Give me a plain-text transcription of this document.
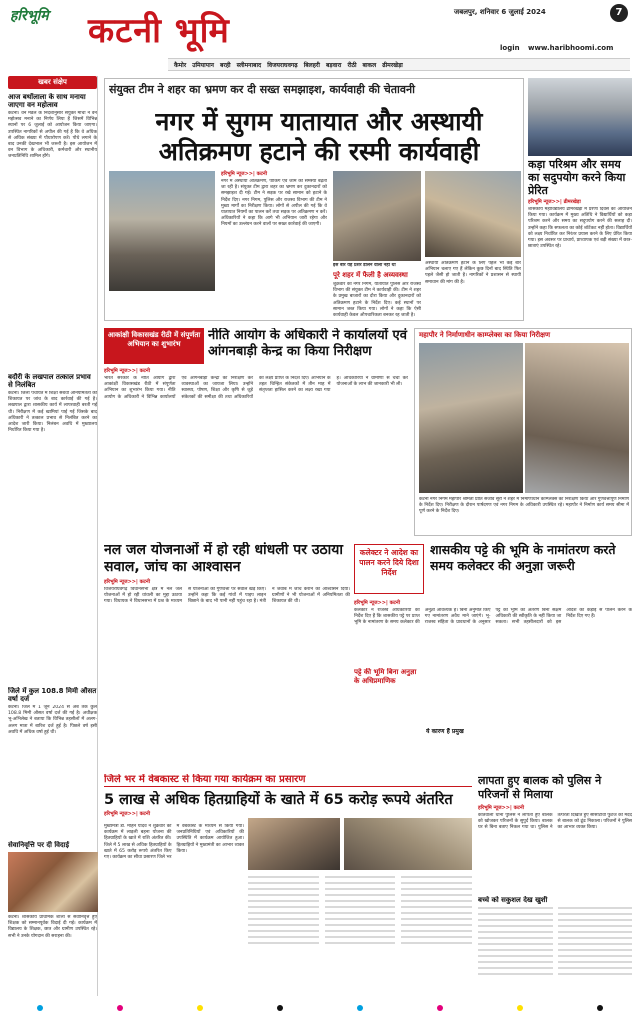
हरिभूमि कटनी भूमि	जबलपुर, शनिवार 6 जुलाई 2024	7
login www.haribhoomi.com
कैमोर उमियापान बरही स्लीमनाबाद विजयराघवगढ़ बिलहरी बड़वारा रीठी बाकल ढीमरखेड़ा
खबर संक्षेप
आज बर्थोलाला के साथ मनाया जाएगा वन महोत्सव
कटनी। वन मंडल के निर्देशानुसार संयुक्त मोर्चा ने वन महोत्सव मनाने का निर्णय लिया है जिसमें विभिन्न स्थानों पर 6 जुलाई को आयोजन किया जाएगा। उपस्थित नागरिकों से अपील की गई है कि वे अधिक से अधिक संख्या में पौधारोपण करें। पौधे लगाने के बाद उनकी देखभाल भी जरूरी है। इस आयोजन में वन विभाग के अधिकारी, कर्मचारी और स्थानीय जनप्रतिनिधि शामिल होंगे।
बदौरी के लखपाल तत्काल प्रभाव से निलंबित
कटनी। जिला पंचायत में शिक्षा संबंधी अनियमितता की शिकायत पर जांच के बाद कार्रवाई की गई है। लखपाल द्वारा शासकीय कार्य में लापरवाही बरती गई थी। निरीक्षण में कई खामियां पाई गईं जिसके बाद अधिकारी ने तत्काल प्रभाव से निलंबित करने का आदेश जारी किया। निलंबन अवधि में मुख्यालय निर्धारित किया गया है।
जिले में कुल 108.8 मिमी औसत वर्षा दर्ज
कटनी। जिले में 1 जून 2024 से अब तक कुल 108.8 मिमी औसत वर्षा दर्ज की गई है। अधीक्षक भू-अभिलेख ने बताया कि विभिन्न तहसीलों में अलग-अलग मात्रा में बारिश दर्ज हुई है। पिछले वर्ष इसी अवधि में अधिक वर्षा हुई थी।
सेवानिवृत्ति पर दी विदाई
कटनी। शासकीय प्राथमिक शाला से सेवानिवृत्त हुए शिक्षक को सम्मानपूर्वक विदाई दी गई। कार्यक्रम में विद्यालय के शिक्षक, छात्र और ग्रामीण उपस्थित रहे। सभी ने उनके योगदान की सराहना की।
संयुक्त टीम ने शहर का भ्रमण कर दी सख्त समझाइश, कार्यवाही की चेतावनी
नगर में सुगम यातायात और अस्थायी अतिक्रमण हटाने की रस्मी कार्यवाही
हरिभूमि न्यूज>>| कटनी
नगर में अस्थायी अतिक्रमण, पार्किंग एवं जाम की समस्या बढ़ती जा रही है। संयुक्त टीम द्वारा शहर का भ्रमण कर दुकानदारों को समझाइश दी गई। टीम ने सड़क पर रखे सामान को हटाने के निर्देश दिए। नगर निगम, पुलिस और राजस्व विभाग की टीम ने मुख्य मार्गों का निरीक्षण किया। लोगों से अपील की गई कि वे यातायात नियमों का पालन करें तथा सड़क पर अतिक्रमण न करें। अधिकारियों ने कहा कि आगे भी अभियान जारी रहेगा और नियमों का उल्लंघन करने वालों पर सख्त कार्रवाई की जाएगी।
इस बार यह प्रेशर डालने वाला नहीं था
पूरे शहर में फैली है अव्यवस्था
शुक्रवार को नगर निगम, यातायात पुलिस और राजस्व विभाग की संयुक्त टीम ने कार्यवाही की। टीम ने शहर के प्रमुख बाजारों का दौरा किया और दुकानदारों को अतिक्रमण हटाने के निर्देश दिए। कई स्थानों पर सामान जब्त किया गया। लोगों ने कहा कि ऐसी कार्यवाही केवल औपचारिकता बनकर रह जाती है।
अस्थायी अतिक्रमण हटाने के लिए पहले भी कई बार अभियान चलाए गए हैं लेकिन कुछ दिनों बाद स्थिति फिर पहले जैसी हो जाती है। नागरिकों ने प्रशासन से स्थायी समाधान की मांग की है।
कड़ा परिश्रम और समय का सदुपयोग करने किया प्रेरित
हरिभूमि न्यूज>>| ढीमरखेड़ा
शासकीय महाविद्यालय ढीमरखेड़ा में प्रेरणा दिवस का आयोजन किया गया। कार्यक्रम में मुख्य अतिथि ने विद्यार्थियों को कड़ा परिश्रम करने और समय का सदुपयोग करने की सलाह दी। उन्होंने कहा कि सफलता का कोई शॉर्टकट नहीं होता। विद्यार्थियों को लक्ष्य निर्धारित कर निरंतर प्रयास करने के लिए प्रेरित किया गया। इस अवसर पर प्राचार्य, प्राध्यापक एवं बड़ी संख्या में छात्र-छात्राएं उपस्थित रहे।
आकांक्षी विकासखंड रीठी में संपूर्णता अभियान का शुभारंभ
नीति आयोग के अधिकारी ने कार्यालयों एवं आंगनबाड़ी केन्द्र का किया निरीक्षण
हरिभूमि न्यूज>>| कटनी
भारत सरकार के नीति आयोग द्वारा आकांक्षी विकासखंड रीठी में संपूर्णता अभियान का शुभारंभ किया गया। नीति आयोग के अधिकारी ने विभिन्न कार्यालयों एवं आंगनबाड़ी केन्द्रों का निरीक्षण कर व्यवस्थाओं का जायजा लिया। उन्होंने स्वास्थ्य, पोषण, शिक्षा और कृषि से जुड़े संकेतकों की समीक्षा की तथा अधिकारियों को लक्ष्य प्राप्ति के निर्देश दिए। अभियान के तहत चिन्हित संकेतकों में तीन माह में संतृप्तता हासिल करने का लक्ष्य रखा गया है। अधिकारियों ने ग्रामीणों से चर्चा कर योजनाओं के लाभ की जानकारी भी ली।
महापौर ने निर्माणाधीन काम्प्लेक्स का किया निरीक्षण
कटनी नगर निगम महापौर श्रीमती प्रीति संजीव सूरी ने शहर में निर्माणाधीन कॉम्प्लेक्स का निरीक्षण किया और गुणवत्तापूर्ण निर्माण के निर्देश दिए। निरीक्षण के दौरान पार्षदगण एवं नगर निगम के अधिकारी उपस्थित रहे। महापौर ने निर्माण कार्य समय सीमा में पूर्ण करने के निर्देश दिए।
नल जल योजनाओं में हो रही धांधली पर उठाया सवाल, जांच का आश्वासन
हरिभूमि न्यूज>>| कटनी
विजयराघवगढ़ विधानसभा क्षेत्र में नल जल योजनाओं में हो रही धांधली का मुद्दा उठाया गया। विधायक ने विधानसभा में प्रश्न के माध्यम से योजनाओं की गुणवत्ता पर सवाल खड़े किए। उन्होंने कहा कि कई गांवों में पाइप लाइन बिछाने के बाद भी पानी नहीं पहुंच रहा है। मंत्री ने जवाब में जांच कराने का आश्वासन दिया। ग्रामीणों ने भी योजनाओं में अनियमितता की शिकायत की थी।
कलेक्टर ने आदेश का पालन करने दिये दिशा निर्देश
शासकीय पट्टे की भूमि के नामांतरण करते समय कलेक्टर की अनुज्ञा जरूरी
हरिभूमि न्यूज>>| कटनी
कलेक्टर ने राजस्व अधिकारियों को निर्देश दिए हैं कि शासकीय पट्टे पर प्राप्त भूमि के नामांतरण के समय कलेक्टर की अनुज्ञा आवश्यक है। बिना अनुमति किए गए नामांतरण अवैध माने जाएंगे। भू-राजस्व संहिता के प्रावधानों के अनुसार पट्टे की भूमि का अंतरण बिना सक्षम अधिकारी की स्वीकृति के नहीं किया जा सकता। सभी तहसीलदारों को इस आदेश का कड़ाई से पालन करने के निर्देश दिए गए हैं।
पट्टे की भूमि बिना अनुज्ञा के अधिप्रमाणिक
ये कारण हैं प्रमुख
जिले भर में वेबकास्ट से किया गया कार्यक्रम का प्रसारण
5 लाख से अधिक हितग्राहियों के खाते में 65 करोड़ रूपये अंतरित
हरिभूमि न्यूज>>| कटनी
मुख्यमंत्री डॉ. मोहन यादव ने शुक्रवार को कार्यक्रम में लाड़ली बहना योजना की हितग्राहियों के खाते में राशि अंतरित की। जिले में 5 लाख से अधिक हितग्राहियों के खाते में 65 करोड़ रूपये अंतरित किए गए। कार्यक्रम का सीधा प्रसारण जिले भर में वेबकास्ट के माध्यम से किया गया। जनप्रतिनिधियों एवं अधिकारियों की उपस्थिति में कार्यक्रम आयोजित हुआ। हितग्राहियों ने मुख्यमंत्री का आभार व्यक्त किया।
लापता हुए बालक को पुलिस ने परिजनों से मिलाया
हरिभूमि न्यूज>>| कटनी
कोतवाली थाना पुलिस ने लापता हुए बालक को खोजकर परिजनों के सुपुर्द किया। बालक घर से बिना बताए निकल गया था। पुलिस ने तत्परता दिखाते हुए सीसीटीवी फुटेज की मदद से बालक को ढूंढ निकाला। परिजनों ने पुलिस का आभार व्यक्त किया।
बच्चे को सकुशल देख खुशी
